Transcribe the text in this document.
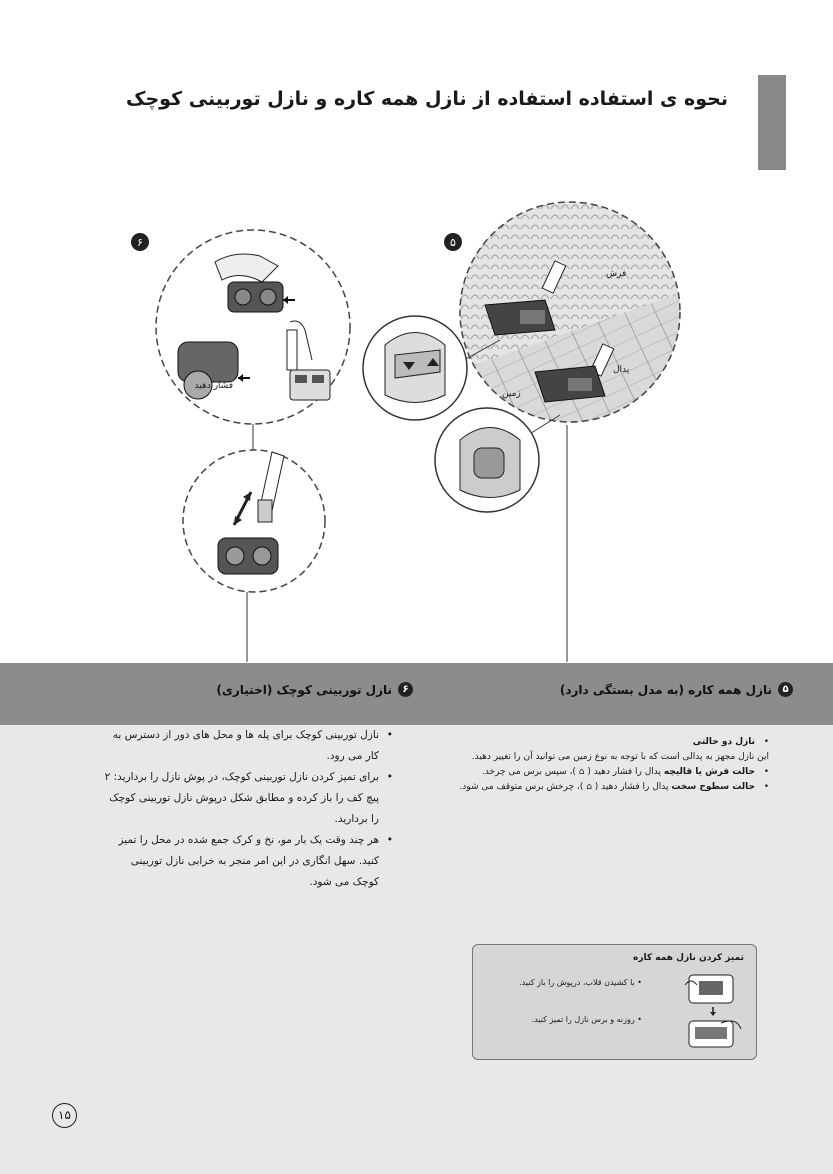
نحوه ی استفاده استفاده از نازل همه کاره و نازل توربینی کوچک
فشار دهید
فرش
پدال
زمین
۶	۵
۵
نازل همه کاره (به مدل بستگی دارد)
۶
نازل توربینی کوچک (اختیاری)
• نازل دو حالتی
این نازل مجهز به پدالی است که با توجه به نوع زمین می توانید آن را تغییر دهید.
• حالت فرش یا قالیچه پدال را فشار دهید ( ⌂ )، سپس برس می چرخد.
• حالت سطوح سخت پدال را فشار دهید ( ⌂ )، چرخش برس متوقف می شود.
• نازل توربینی کوچک برای پله ها و محل های دور از دسترس به کار می رود.
• برای تمیز کردن نازل توربینی کوچک، در پوش نازل را بردارید: ۲ پیچ کف را باز کرده و مطابق شکل درپوش نازل توربینی کوچک را بردارید.
• هر چند وقت یک بار مو، نخ و کرک جمع شده در محل را تمیز کنید. سهل انگاری در این امر منجر به خرابی نازل توربینی کوچک می شود.
تمیز کردن نازل همه کاره
• با کشیدن قلاب، درپوش را باز کنید.
• روزنه و برس نازل را تمیز کنید.
۱۵
